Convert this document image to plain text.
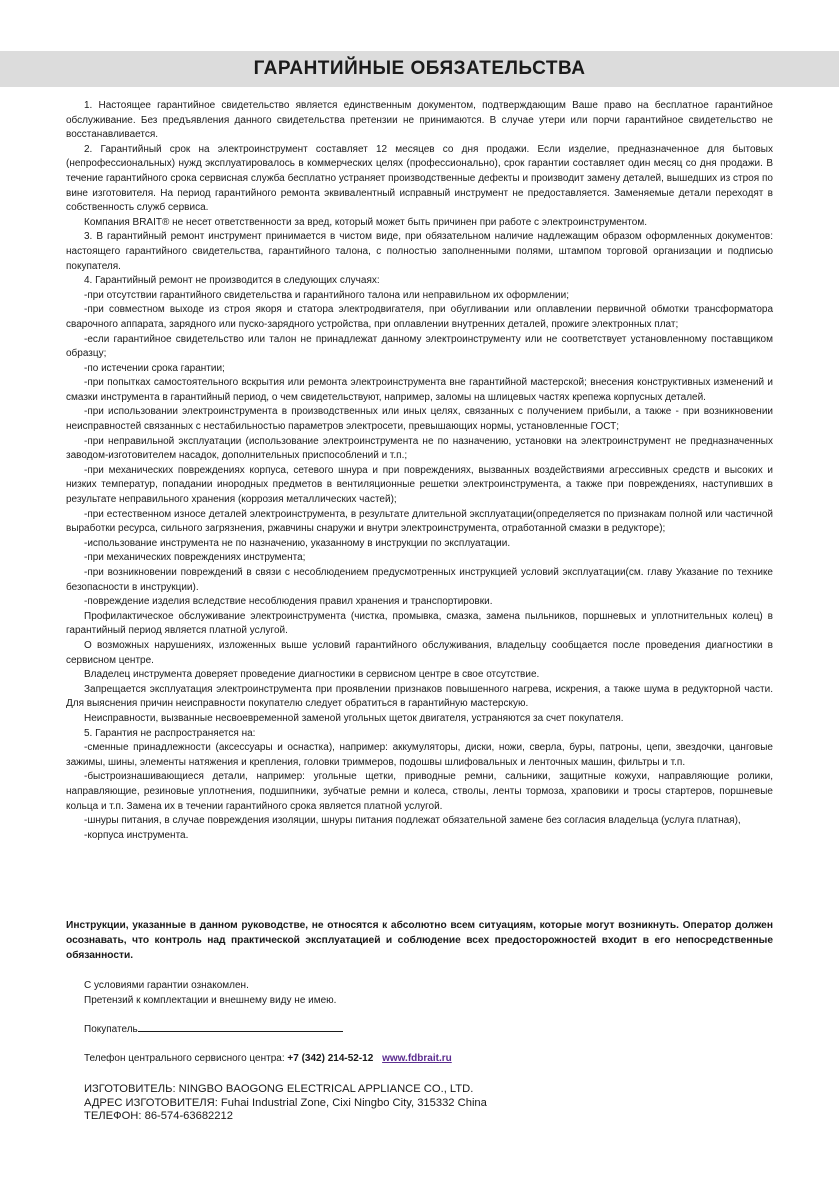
ГАРАНТИЙНЫЕ ОБЯЗАТЕЛЬСТВА

1. Настоящее гарантийное свидетельство является единственным документом, подтверждающим Ваше право на бесплатное гарантийное обслуживание. Без предъявления данного свидетельства претензии не принимаются. В случае утери или порчи гарантийное свидетельство не восстанавливается.

2. Гарантийный срок на электроинструмент составляет 12 месяцев со дня продажи. Если изделие, предназначенное для бытовых (непрофессиональных) нужд эксплуатировалось в коммерческих целях (профессионально), срок гарантии составляет один месяц со дня продажи. В течение гарантийного срока сервисная служба бесплатно устраняет производственные дефекты и производит замену деталей, вышедших из строя по вине изготовителя. На период гарантийного ремонта эквивалентный исправный инструмент не предоставляется. Заменяемые детали переходят в собственность служб сервиса.

Компания BRAIT® не несет ответственности за вред, который может быть причинен при работе с электроинструментом.

3. В гарантийный ремонт инструмент принимается в чистом виде, при обязательном наличие надлежащим образом оформленных документов: настоящего гарантийного свидетельства, гарантийного талона, с полностью заполненными полями, штампом торговой организации и подписью покупателя.

4. Гарантийный ремонт не производится в следующих случаях:

-при отсутствии гарантийного свидетельства и гарантийного талона или неправильном их оформлении;

-при совместном выходе из строя якоря и статора электродвигателя, при обугливании или оплавлении первичной обмотки трансформатора сварочного аппарата, зарядного или пуско-зарядного устройства, при оплавлении внутренних деталей, прожиге электронных плат;

-если гарантийное свидетельство или талон не принадлежат данному электроинструменту или не соответствует установленному поставщиком образцу;

-по истечении срока гарантии;

-при попытках самостоятельного вскрытия или ремонта электроинструмента вне гарантийной мастерской; внесения конструктивных изменений и смазки инструмента в гарантийный период, о чем свидетельствуют, например, заломы на шлицевых частях крепежа корпусных деталей.

-при использовании электроинструмента в производственных или иных целях, связанных с получением прибыли, а также - при возникновении неисправностей связанных с нестабильностью параметров электросети, превышающих нормы, установленные ГОСТ;

-при неправильной эксплуатации (использование электроинструмента не по назначению, установки на электроинструмент не предназначенных заводом-изготовителем насадок, дополнительных приспособлений и т.п.;

-при механических повреждениях корпуса, сетевого шнура и при повреждениях, вызванных воздействиями агрессивных средств и высоких и низких температур, попадании инородных предметов в вентиляционные решетки электроинструмента, а также при повреждениях, наступивших в результате неправильного хранения (коррозия металлических частей);

-при естественном износе деталей электроинструмента, в результате длительной эксплуатации(определяется по признакам полной или частичной выработки ресурса, сильного загрязнения, ржавчины снаружи и внутри электроинструмента, отработанной смазки в редукторе);

-использование инструмента не по назначению, указанному в инструкции по эксплуатации.

-при механических повреждениях инструмента;

-при возникновении повреждений в связи с несоблюдением предусмотренных инструкцией условий эксплуатации(см. главу Указание по технике безопасности в инструкции).

-повреждение изделия вследствие несоблюдения правил хранения и транспортировки.

Профилактическое обслуживание электроинструмента (чистка, промывка, смазка, замена пыльников, поршневых и уплотнительных колец) в гарантийный период является платной услугой.

О возможных нарушениях, изложенных выше условий гарантийного обслуживания, владельцу сообщается после проведения диагностики в сервисном центре.

Владелец инструмента доверяет проведение диагностики в сервисном центре в свое отсутствие.

Запрещается эксплуатация электроинструмента при проявлении признаков повышенного нагрева, искрения, а также шума в редукторной части. Для выяснения причин неисправности покупателю следует обратиться в гарантийную мастерскую.

Неисправности, вызванные несвоевременной заменой угольных щеток двигателя, устраняются за счет покупателя.

5. Гарантия не распространяется на:

-сменные принадлежности (аксессуары и оснастка), например: аккумуляторы, диски, ножи, сверла, буры, патроны, цепи, звездочки, цанговые зажимы, шины, элементы натяжения и крепления, головки триммеров, подошвы шлифовальных и ленточных машин, фильтры и т.п.

-быстроизнашивающиеся детали, например: угольные щетки, приводные ремни, сальники, защитные кожухи, направляющие ролики, направляющие, резиновые уплотнения, подшипники, зубчатые ремни и колеса, стволы, ленты тормоза, храповики и тросы стартеров, поршневые кольца и т.п. Замена их в течении гарантийного срока является платной услугой.

-шнуры питания, в случае повреждения изоляции, шнуры питания подлежат обязательной замене без согласия владельца (услуга платная),

-корпуса инструмента.

Инструкции, указанные в данном руководстве, не относятся к абсолютно всем ситуациям, которые могут возникнуть. Оператор должен осознавать, что контроль над практической эксплуатацией и соблюдение всех предосторожностей входит в его непосредственные обязанности.
С условиями гарантии ознакомлен.
Претензий к комплектации и внешнему виду не имею.
Покупатель
Телефон центрального сервисного центра: +7 (342) 214-52-12 www.fdbrait.ru
ИЗГОТОВИТЕЛЬ: NINGBO BAOGONG ELECTRICAL APPLIANCE CO., LTD.
АДРЕС ИЗГОТОВИТЕЛЯ: Fuhai Industrial Zone, Cixi Ningbo City, 315332 China
ТЕЛЕФОН: 86-574-63682212
